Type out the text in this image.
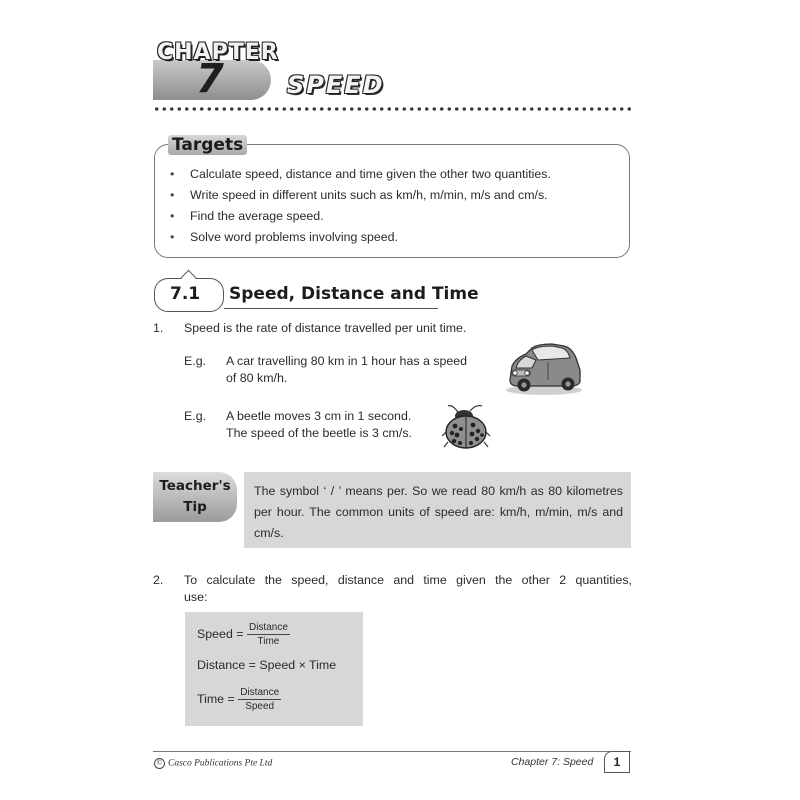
CHAPTER
7	SPEED
Targets
•	Calculate speed, distance and time given the other two quantities.
•	Write speed in different units such as km/h, m/min, m/s and cm/s.
•	Find the average speed.
•	Solve word problems involving speed.
7.1 Speed, Distance and Time
1. Speed is the rate of distance travelled per unit time.
E.g. A car travelling 80 km in 1 hour has a speed
of 80 km/h.
E.g. A beetle moves 3 cm in 1 second.
The speed of the beetle is 3 cm/s.
Teacher's
Tip
The symbol ‘ / ’ means per. So we read 80 km/h as 80 kilometres per hour. The common units of speed are: km/h, m/min, m/s and cm/s.
2. To calculate the speed, distance and time given the other 2 quantities,
use:
Speed = $\frac{\text{Distance}}{\text{Time}}$
Distance = Speed × Time
Time = $\frac{\text{Distance}}{\text{Speed}}$
© Casco Publications Pte Ltd	Chapter 7: Speed	1
